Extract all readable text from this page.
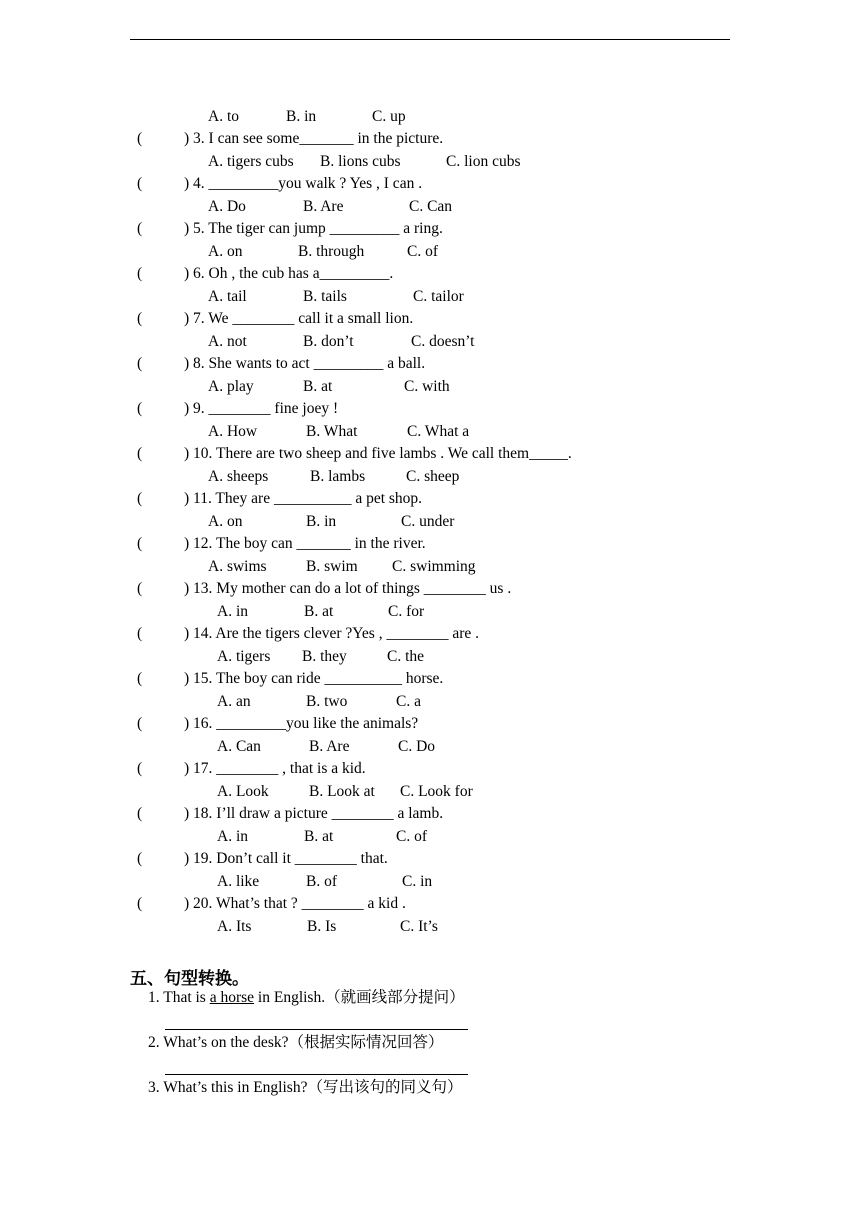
A. to	B. in	C. up
(	) 3. I can see some_______ in the picture.
A. tigers cubs B. lions cubs	C. lion cubs
(	) 4. _________you walk ? Yes , I can .
A. Do	B. Are	C. Can
(	) 5. The tiger can jump _________ a ring.
A. on	B. through	C. of
(	) 6. Oh , the cub has a_________.
A. tail	B. tails	C. tailor
(	) 7. We ________ call it a small lion.
A. not	B. don’t	C. doesn’t
(	) 8. She wants to act _________ a ball.
A. play	B. at	C. with
(	) 9. ________ fine joey !
A. How	B. What	C. What a
(	) 10. There are two sheep and five lambs . We call them_____.
A. sheeps	B. lambs	C. sheep
(	) 11. They are __________ a pet shop.
A. on	B. in	C. under
(	) 12. The boy can _______ in the river.
A. swims	B. swim C. swimming
(	) 13. My mother can do a lot of things ________ us .
A. in	B. at	C. for
(	) 14. Are the tigers clever ?Yes , ________ are .
A. tigers B. they	C. the
(	) 15. The boy can ride __________ horse.
A. an	B. two	C. a
(	) 16. _________you like the animals?
A. Can	B. Are	C. Do
(	) 17. ________ , that is a kid.
A. Look	B. Look at C. Look for
(	) 18. I’ll draw a picture ________ a lamb.
A. in	B. at	C. of
(	) 19. Don’t call it ________ that.
A. like	B. of	C. in
(	) 20. What’s that ? ________ a kid .
A. Its	B. Is	C. It’s
五、句型转换。
1. That is a horse in English.（就画线部分提问）
2. What’s on the desk?（根据实际情况回答）
3. What’s this in English?（写出该句的同义句）
